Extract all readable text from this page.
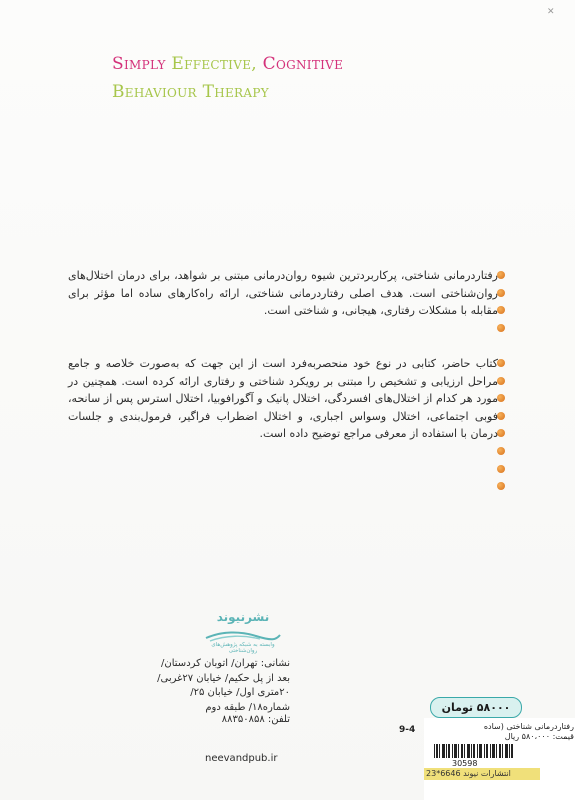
✕
Simply Effective, Cognitive
Behaviour Therapy

رفتاردرمانی شناختی، پرکاربردترین شیوه روان‌درمانی مبتنی بر شواهد، برای درمان اختلال‌های روان‌شناختی است. هدف اصلی رفتاردرمانی شناختی، ارائه راه‌کارهای ساده اما مؤثر برای مقابله با مشکلات رفتاری، هیجانی، و شناختی است.

کتاب حاضر، کتابی در نوع خود منحصربه‌فرد است از این جهت که به‌صورت خلاصه و جامع مراحل ارزیابی و تشخیص را مبتنی بر رویکرد شناختی و رفتاری ارائه کرده است. همچنین در مورد هر کدام از اختلال‌های افسردگی، اختلال پانیک و آگورافوبیا، اختلال استرس پس از سانحه، فوبی اجتماعی، اختلال وسواس اجباری، و اختلال اضطراب فراگیر، فرمول‌بندی و جلسات درمان با استفاده از معرفی مراجع توضیح داده است.

نشرنیوند
وابسته به شبکه پژوهش‌های روان‌شناختی
نشانی: تهران/ اتوبان کردستان/ بعد از پل حکیم/ خیابان ۲۷غربی/ ۲۰متری اول/ خیابان ۲۵/ شماره۱۸/ طبقه دوم
تلفن: ۸۸۳۵۰۸۵۸
neevandpub.ir
۵۸۰۰۰ تومان
9-4	رفتاردرمانی شناختی (ساده
قیمت: ۵۸۰،۰۰۰ ریال
30598
انتشارات نیوند 6646*23
